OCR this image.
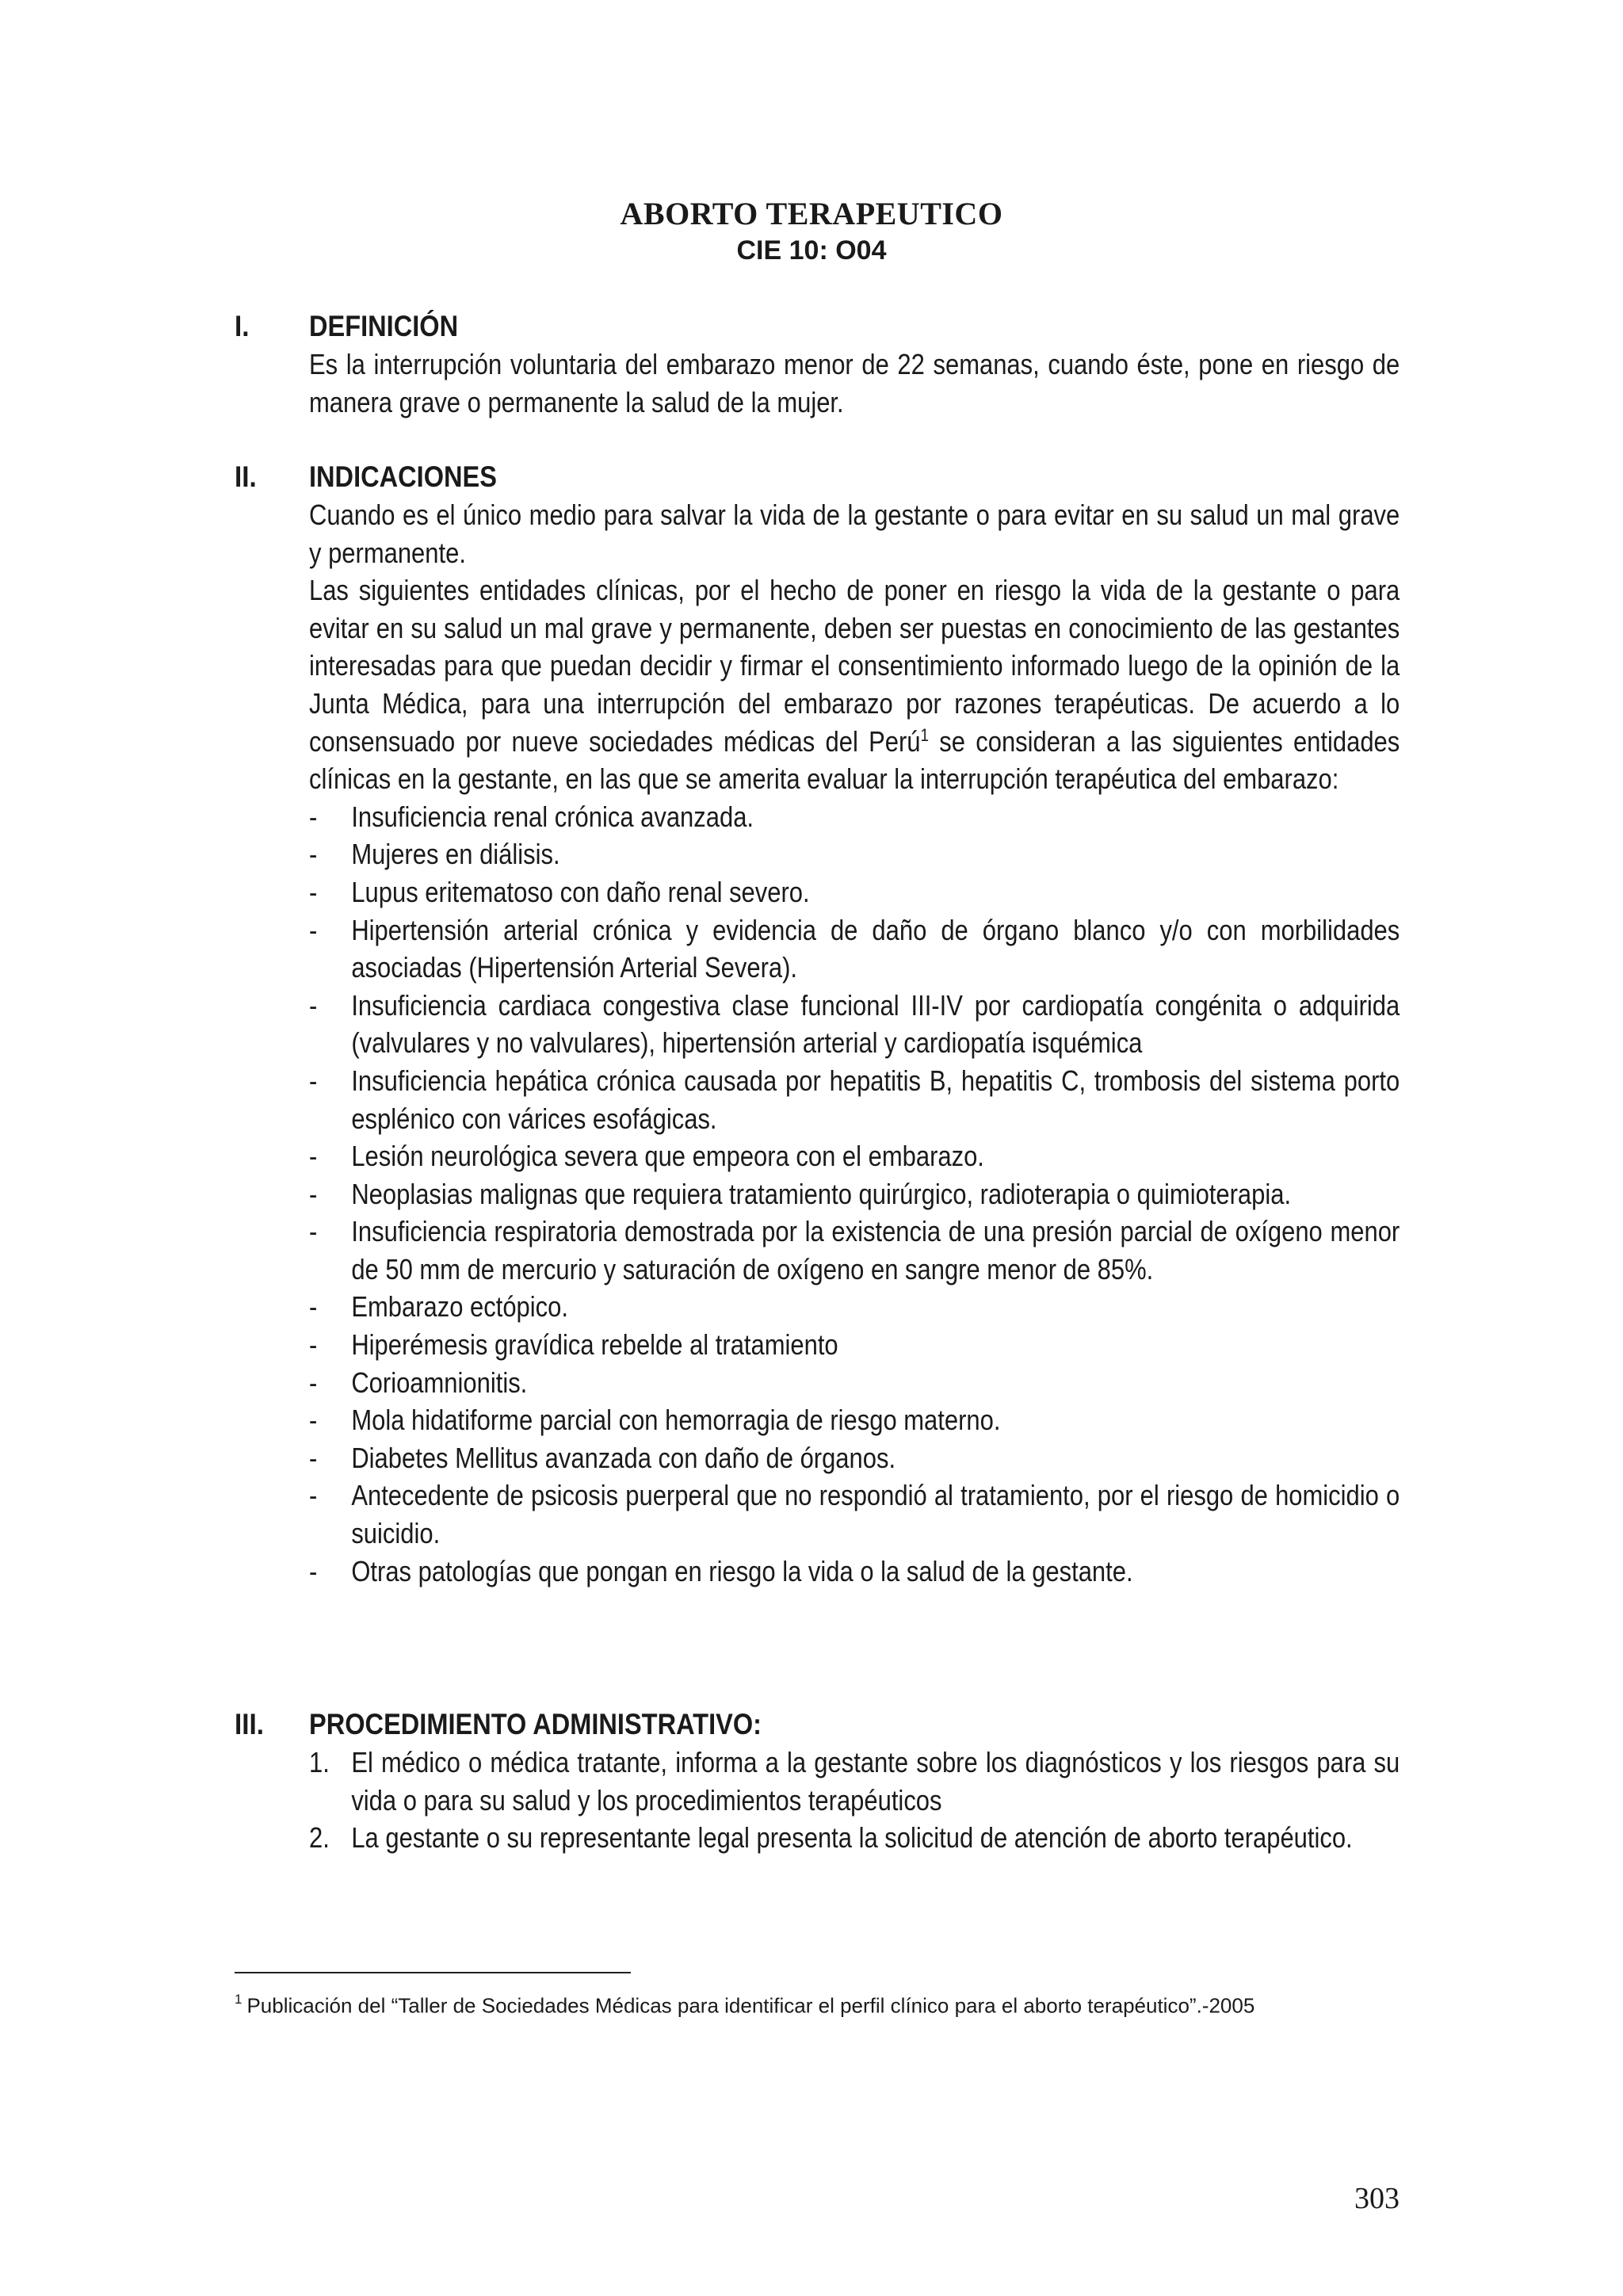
ABORTO TERAPEUTICO
CIE 10: O04
I. DEFINICIÓN

Es la interrupción voluntaria del embarazo menor de 22 semanas, cuando éste, pone en riesgo de manera grave o permanente la salud de la mujer.

II. INDICACIONES

Cuando es el único medio para salvar la vida de la gestante o para evitar en su salud un mal grave y permanente.

Las siguientes entidades clínicas, por el hecho de poner en riesgo la vida de la gestante o para evitar en su salud un mal grave y permanente, deben ser puestas en conocimiento de las gestantes interesadas para que puedan decidir y firmar el consentimiento informado luego de la opinión de la Junta Médica, para una interrupción del embarazo por razones terapéuticas. De acuerdo a lo consensuado por nueve sociedades médicas del Perú$^1$ se consideran a las siguientes entidades clínicas en la gestante, en las que se amerita evaluar la interrupción terapéutica del embarazo:

- Insuficiencia renal crónica avanzada.
- Mujeres en diálisis.
- Lupus eritematoso con daño renal severo.
- Hipertensión arterial crónica y evidencia de daño de órgano blanco y/o con morbilidades asociadas (Hipertensión Arterial Severa).
- Insuficiencia cardiaca congestiva clase funcional III-IV por cardiopatía congénita o adquirida (valvulares y no valvulares), hipertensión arterial y cardiopatía isquémica
- Insuficiencia hepática crónica causada por hepatitis B, hepatitis C, trombosis del sistema porto esplénico con várices esofágicas.
- Lesión neurológica severa que empeora con el embarazo.
- Neoplasias malignas que requiera tratamiento quirúrgico, radioterapia o quimioterapia.
- Insuficiencia respiratoria demostrada por la existencia de una presión parcial de oxígeno menor de 50 mm de mercurio y saturación de oxígeno en sangre menor de 85%.
- Embarazo ectópico.
- Hiperémesis gravídica rebelde al tratamiento
- Corioamnionitis.
- Mola hidatiforme parcial con hemorragia de riesgo materno.
- Diabetes Mellitus avanzada con daño de órganos.
- Antecedente de psicosis puerperal que no respondió al tratamiento, por el riesgo de homicidio o suicidio.
- Otras patologías que pongan en riesgo la vida o la salud de la gestante.
III. PROCEDIMIENTO ADMINISTRATIVO:
1. El médico o médica tratante, informa a la gestante sobre los diagnósticos y los riesgos para su vida o para su salud y los procedimientos terapéuticos
2. La gestante o su representante legal presenta la solicitud de atención de aborto terapéutico.
$^1$ Publicación del “Taller de Sociedades Médicas para identificar el perfil clínico para el aborto terapéutico”.-2005
303
